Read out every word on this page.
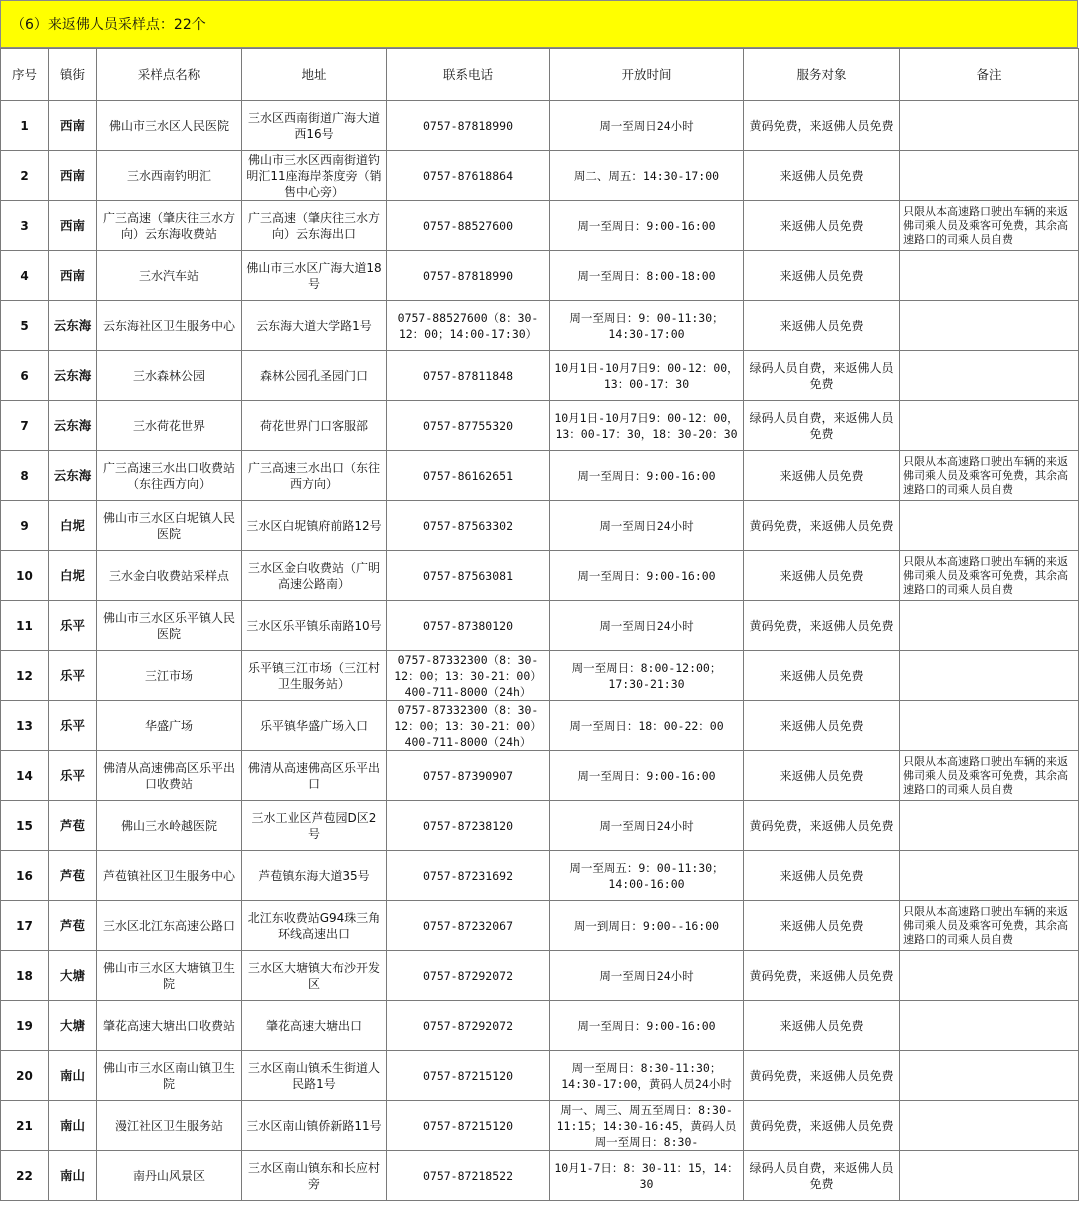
（6）来返佛人员采样点：22个
序号	镇街	采样点名称	地址	联系电话	开放时间	服务对象	备注
1	西南	佛山市三水区人民医院	三水区西南街道广海大道西16号	0757-87818990	周一至周日24小时	黄码免费，来返佛人员免费	
2	西南	三水西南钓明汇	佛山市三水区西南街道钓明汇11座海岸茶度旁（销售中心旁）	0757-87618864	周二、周五：14:30-17:00	来返佛人员免费	
3	西南	广三高速（肇庆往三水方向）云东海收费站	广三高速（肇庆往三水方向）云东海出口	0757-88527600	周一至周日：9:00-16:00	来返佛人员免费	只限从本高速路口驶出车辆的来返佛司乘人员及乘客可免费，其余高速路口的司乘人员自费
4	西南	三水汽车站	佛山市三水区广海大道18号	0757-87818990	周一至周日：8:00-18:00	来返佛人员免费	
5	云东海	云东海社区卫生服务中心	云东海大道大学路1号	0757-88527600（8：30-12：00；14:00-17:30）	周一至周日：9：00-11:30；14:30-17:00	来返佛人员免费	
6	云东海	三水森林公园	森林公园孔圣园门口	0757-87811848	10月1日-10月7日9：00-12：00，13：00-17：30	绿码人员自费，来返佛人员免费	
7	云东海	三水荷花世界	荷花世界门口客服部	0757-87755320	10月1日-10月7日9：00-12：00，13：00-17：30，18：30-20：30	绿码人员自费，来返佛人员免费	
8	云东海	广三高速三水出口收费站（东往西方向）	广三高速三水出口（东往西方向）	0757-86162651	周一至周日：9:00-16:00	来返佛人员免费	只限从本高速路口驶出车辆的来返佛司乘人员及乘客可免费，其余高速路口的司乘人员自费
9	白坭	佛山市三水区白坭镇人民医院	三水区白坭镇府前路12号	0757-87563302	周一至周日24小时	黄码免费，来返佛人员免费	
10	白坭	三水金白收费站采样点	三水区金白收费站（广明高速公路南）	0757-87563081	周一至周日：9:00-16:00	来返佛人员免费	只限从本高速路口驶出车辆的来返佛司乘人员及乘客可免费，其余高速路口的司乘人员自费
11	乐平	佛山市三水区乐平镇人民医院	三水区乐平镇乐南路10号	0757-87380120	周一至周日24小时	黄码免费，来返佛人员免费	
12	乐平	三江市场	乐平镇三江市场（三江村卫生服务站）	0757-87332300（8：30-12：00；13：30-21：00）400-711-8000（24h）	周一至周日：8:00-12:00；17:30-21:30	来返佛人员免费	
13	乐平	华盛广场	乐平镇华盛广场入口	0757-87332300（8：30-12：00；13：30-21：00）400-711-8000（24h）	周一至周日：18：00-22：00	来返佛人员免费	
14	乐平	佛清从高速佛高区乐平出口收费站	佛清从高速佛高区乐平出口	0757-87390907	周一至周日：9:00-16:00	来返佛人员免费	只限从本高速路口驶出车辆的来返佛司乘人员及乘客可免费，其余高速路口的司乘人员自费
15	芦苞	佛山三水岭越医院	三水工业区芦苞园D区2号	0757-87238120	周一至周日24小时	黄码免费，来返佛人员免费	
16	芦苞	芦苞镇社区卫生服务中心	芦苞镇东海大道35号	0757-87231692	周一至周五：9：00-11:30；14:00-16:00	来返佛人员免费	
17	芦苞	三水区北江东高速公路口	北江东收费站G94珠三角环线高速出口	0757-87232067	周一到周日：9:00--16:00	来返佛人员免费	只限从本高速路口驶出车辆的来返佛司乘人员及乘客可免费，其余高速路口的司乘人员自费
18	大塘	佛山市三水区大塘镇卫生院	三水区大塘镇大布沙开发区	0757-87292072	周一至周日24小时	黄码免费，来返佛人员免费	
19	大塘	肇花高速大塘出口收费站	肇花高速大塘出口	0757-87292072	周一至周日：9:00-16:00	来返佛人员免费	
20	南山	佛山市三水区南山镇卫生院	三水区南山镇禾生街道人民路1号	0757-87215120	周一至周日：8:30-11:30；14:30-17:00，黄码人员24小时	黄码免费，来返佛人员免费	
21	南山	漫江社区卫生服务站	三水区南山镇侨新路11号	0757-87215120	周一、周三、周五至周日：8:30-11:15；14:30-16:45，黄码人员周一至周日：8:30-	黄码免费，来返佛人员免费	
22	南山	南丹山风景区	三水区南山镇东和长应村旁	0757-87218522	10月1-7日：8：30-11：15，14：30	绿码人员自费，来返佛人员免费	
